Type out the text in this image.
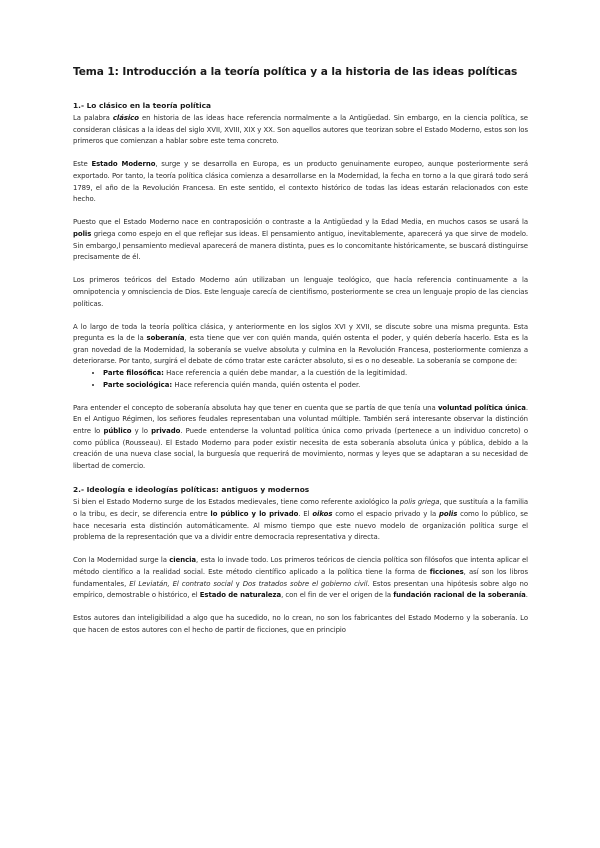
Tema 1: Introducción a la teoría política y a la historia de las ideas políticas
1.- Lo clásico en la teoría política

La palabra clásico en historia de las ideas hace referencia normalmente a la Antigüedad. Sin embargo, en la ciencia política, se consideran clásicas a la ideas del siglo XVII, XVIII, XIX y XX. Son aquellos autores que teorizan sobre el Estado Moderno, estos son los primeros que comienzan a hablar sobre este tema concreto.

Este Estado Moderno, surge y se desarrolla en Europa, es un producto genuinamente europeo, aunque posteriormente será exportado. Por tanto, la teoría política clásica comienza a desarrollarse en la Modernidad, la fecha en torno a la que girará todo será 1789, el año de la Revolución Francesa. En este sentido, el contexto histórico de todas las ideas estarán relacionados con este hecho.

Puesto que el Estado Moderno nace en contraposición o contraste a la Antigüedad y la Edad Media, en muchos casos se usará la polis griega como espejo en el que reflejar sus ideas. El pensamiento antiguo, inevitablemente, aparecerá ya que sirve de modelo. Sin embargo,l pensamiento medieval aparecerá de manera distinta, pues es lo concomitante históricamente, se buscará distinguirse precisamente de él.

Los primeros teóricos del Estado Moderno aún utilizaban un lenguaje teológico, que hacía referencia continuamente a la omnipotencia y omnisciencia de Dios. Este lenguaje carecía de cientifismo, posteriormente se crea un lenguaje propio de las ciencias políticas.

A lo largo de toda la teoría política clásica, y anteriormente en los siglos XVI y XVII, se discute sobre una misma pregunta. Esta pregunta es la de la soberanía, esta tiene que ver con quién manda, quién ostenta el poder, y quién debería hacerlo. Esta es la gran novedad de la Modernidad, la soberanía se vuelve absoluta y culmina en la Revolución Francesa, posteriormente comienza a deteriorarse. Por tanto, surgirá el debate de cómo tratar este carácter absoluto, si es o no deseable. La soberanía se compone de:

• Parte filosófica: Hace referencia a quién debe mandar, a la cuestión de la legitimidad.
• Parte sociológica: Hace referencia quién manda, quién ostenta el poder.

Para entender el concepto de soberanía absoluta hay que tener en cuenta que se partía de que tenía una voluntad política única. En el Antiguo Régimen, los señores feudales representaban una voluntad múltiple. También será interesante observar la distinción entre lo público y lo privado. Puede entenderse la voluntad política única como privada (pertenece a un individuo concreto) o como pública (Rousseau). El Estado Moderno para poder existir necesita de esta soberanía absoluta única y pública, debido a la creación de una nueva clase social, la burguesía que requerirá de movimiento, normas y leyes que se adaptaran a su necesidad de libertad de comercio.

2.- Ideología e ideologías políticas: antiguos y modernos

Si bien el Estado Moderno surge de los Estados medievales, tiene como referente axiológico la polis griega, que sustituía a la familia o la tribu, es decir, se diferencia entre lo público y lo privado. El oikos como el espacio privado y la polis como lo público, se hace necesaria esta distinción automáticamente. Al mismo tiempo que este nuevo modelo de organización política surge el problema de la representación que va a dividir entre democracia representativa y directa.

Con la Modernidad surge la ciencia, esta lo invade todo. Los primeros teóricos de ciencia política son filósofos que intenta aplicar el método científico a la realidad social. Este método científico aplicado a la política tiene la forma de ficciones, así son los libros fundamentales, El Leviatán, El contrato social y Dos tratados sobre el gobierno civil. Estos presentan una hipótesis sobre algo no empírico, demostrable o histórico, el Estado de naturaleza, con el fin de ver el origen de la fundación racional de la soberanía.

Estos autores dan inteligibilidad a algo que ha sucedido, no lo crean, no son los fabricantes del Estado Moderno y la soberanía. Lo que hacen de estos autores con el hecho de partir de ficciones, que en principio
